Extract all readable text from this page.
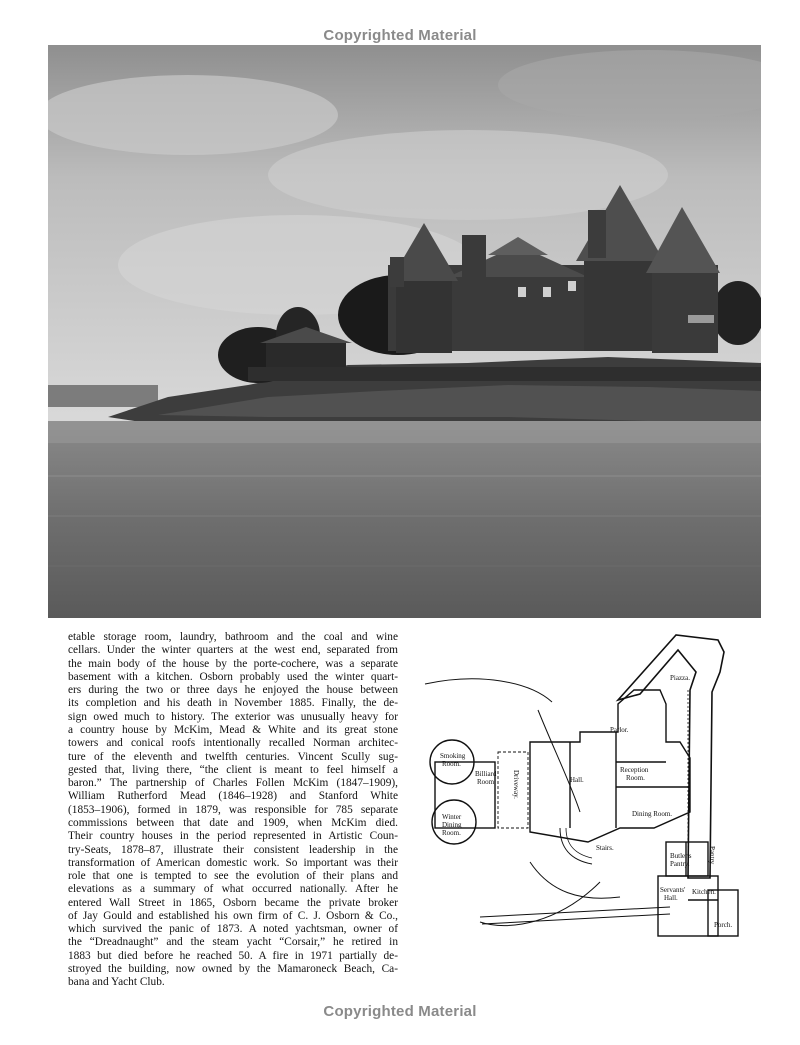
Copyrighted Material

etable storage room, laundry, bathroom and the coal and wine
cellars. Under the winter quarters at the west end, separated from
the main body of the house by the porte-cochere, was a separate
basement with a kitchen. Osborn probably used the winter quart-
ers during the two or three days he enjoyed the house between
its completion and his death in November 1885. Finally, the de-
sign owed much to history. The exterior was unusually heavy for
a country house by McKim, Mead & White and its great stone
towers and conical roofs intentionally recalled Norman architec-
ture of the eleventh and twelfth centuries. Vincent Scully sug-
gested that, living there, “the client is meant to feel himself a
baron.” The partnership of Charles Follen McKim (1847–1909),
William Rutherford Mead (1846–1928) and Stanford White
(1853–1906), formed in 1879, was responsible for 785 separate
commissions between that date and 1909, when McKim died.
Their country houses in the period represented in Artistic Coun-
try-Seats, 1878–87, illustrate their consistent leadership in the
transformation of American domestic work. So important was their
role that one is tempted to see the evolution of their plans and
elevations as a summary of what occurred nationally. After he
entered Wall Street in 1865, Osborn became the private broker
of Jay Gould and established his own firm of C. J. Osborn & Co.,
which survived the panic of 1873. A noted yachtsman, owner of
the “Dreadnaught” and the steam yacht “Corsair,” he retired in
1883 but died before he reached 50. A fire in 1971 partially de-
stroyed the building, now owned by the Mamaroneck Beach, Ca-
bana and Yacht Club.

Piazza.
Parlor.
Smoking
Room.
Billiard
Room.
Reception
Room.
Hall.
Driveway.
Stairs.
Dining Room.
Winter
Dining
Room.
Butler's
Pantry.	Pantry
Servants'
Hall.
Kitchen.
Porch.
Copyrighted Material
